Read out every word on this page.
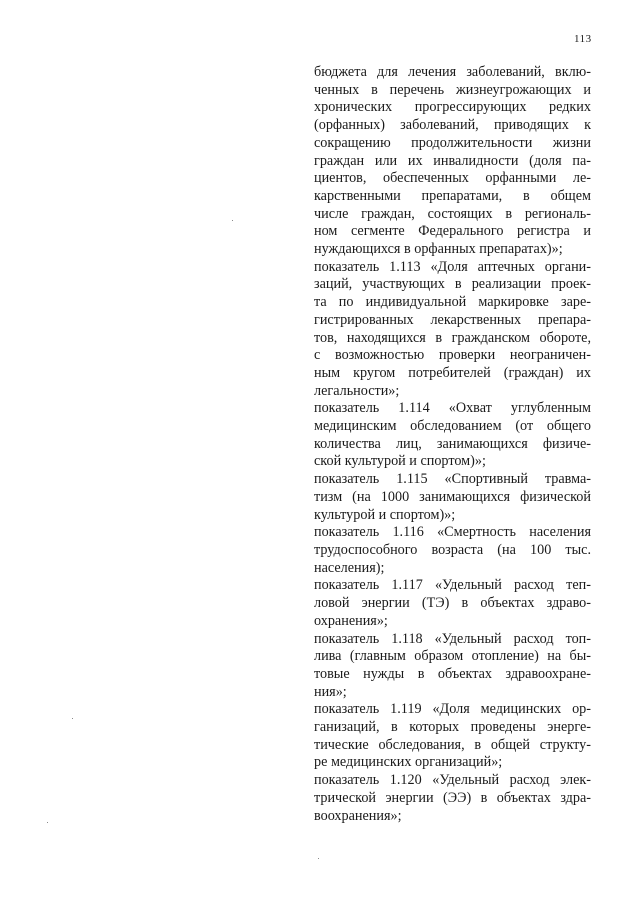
113
бюджета для лечения заболеваний, вклю-
ченных в перечень жизнеугрожающих и
хронических прогрессирующих редких
(орфанных) заболеваний, приводящих к
сокращению продолжительности жизни
граждан или их инвалидности (доля па-
циентов, обеспеченных орфанными ле-
карственными препаратами, в общем
числе граждан, состоящих в региональ-
ном сегменте Федерального регистра и
нуждающихся в орфанных препаратах)»;
показатель 1.113 «Доля аптечных органи-
заций, участвующих в реализации проек-
та по индивидуальной маркировке заре-
гистрированных лекарственных препара-
тов, находящихся в гражданском обороте,
с возможностью проверки неограничен-
ным кругом потребителей (граждан) их
легальности»;
показатель 1.114 «Охват углубленным
медицинским обследованием (от общего
количества лиц, занимающихся физиче-
ской культурой и спортом)»;
показатель 1.115 «Спортивный травма-
тизм (на 1000 занимающихся физической
культурой и спортом)»;
показатель 1.116 «Смертность населения
трудоспособного возраста (на 100 тыс.
населения);
показатель 1.117 «Удельный расход теп-
ловой энергии (ТЭ) в объектах здраво-
охранения»;
показатель 1.118 «Удельный расход топ-
лива (главным образом отопление) на бы-
товые нужды в объектах здравоохране-
ния»;
показатель 1.119 «Доля медицинских ор-
ганизаций, в которых проведены энерге-
тические обследования, в общей структу-
ре медицинских организаций»;
показатель 1.120 «Удельный расход элек-
трической энергии (ЭЭ) в объектах здра-
воохранения»;
